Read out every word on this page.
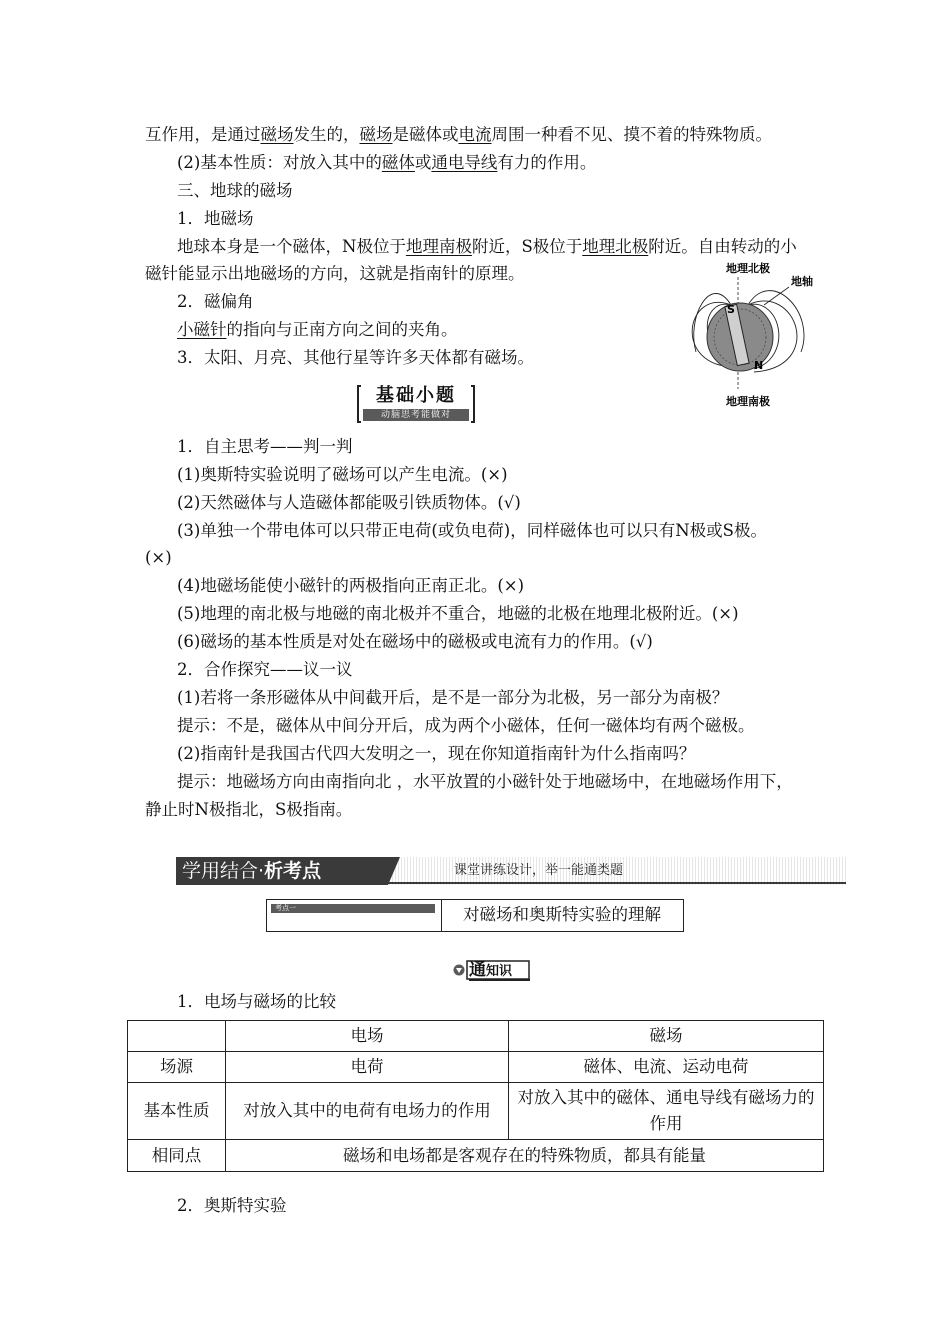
互作用，是通过磁场发生的，磁场是磁体或电流周围一种看不见、摸不着的特殊物质。
(2)基本性质：对放入其中的磁体或通电导线有力的作用。
三、地球的磁场
1．地磁场
地球本身是一个磁体，N极位于地理南极附近，S极位于地理北极附近。自由转动的小
磁针能显示出地磁场的方向，这就是指南针的原理。
2．磁偏角
小磁针的指向与正南方向之间的夹角。
3．太阳、月亮、其他行星等许多天体都有磁场。
地理北极
地轴
地理南极
S
N
基础小题
动脑思考能做对
1．自主思考——判一判
(1)奥斯特实验说明了磁场可以产生电流。(×)
(2)天然磁体与人造磁体都能吸引铁质物体。(√)
(3)单独一个带电体可以只带正电荷(或负电荷)，同样磁体也可以只有N极或S极。
(×)
(4)地磁场能使小磁针的两极指向正南正北。(×)
(5)地理的南北极与地磁的南北极并不重合，地磁的北极在地理北极附近。(×)
(6)磁场的基本性质是对处在磁场中的磁极或电流有力的作用。(√)
2．合作探究——议一议
(1)若将一条形磁体从中间截开后，是不是一部分为北极，另一部分为南极？
提示：不是，磁体从中间分开后，成为两个小磁体，任何一磁体均有两个磁极。
(2)指南针是我国古代四大发明之一，现在你知道指南针为什么指南吗？
提示：地磁场方向由南指向北 ，水平放置的小磁针处于地磁场中，在地磁场作用下，
静止时N极指北，S极指南。
学用结合·析考点	课堂讲练设计，举一能通类题
考点一	对磁场和奥斯特实验的理解
通知识
1．电场与磁场的比较
	电场	磁场
场源	电荷	磁体、电流、运动电荷
基本性质	对放入其中的电荷有电场力的作用	对放入其中的磁体、通电导线有磁场力的作用
相同点	磁场和电场都是客观存在的特殊物质，都具有能量	
2．奥斯特实验
